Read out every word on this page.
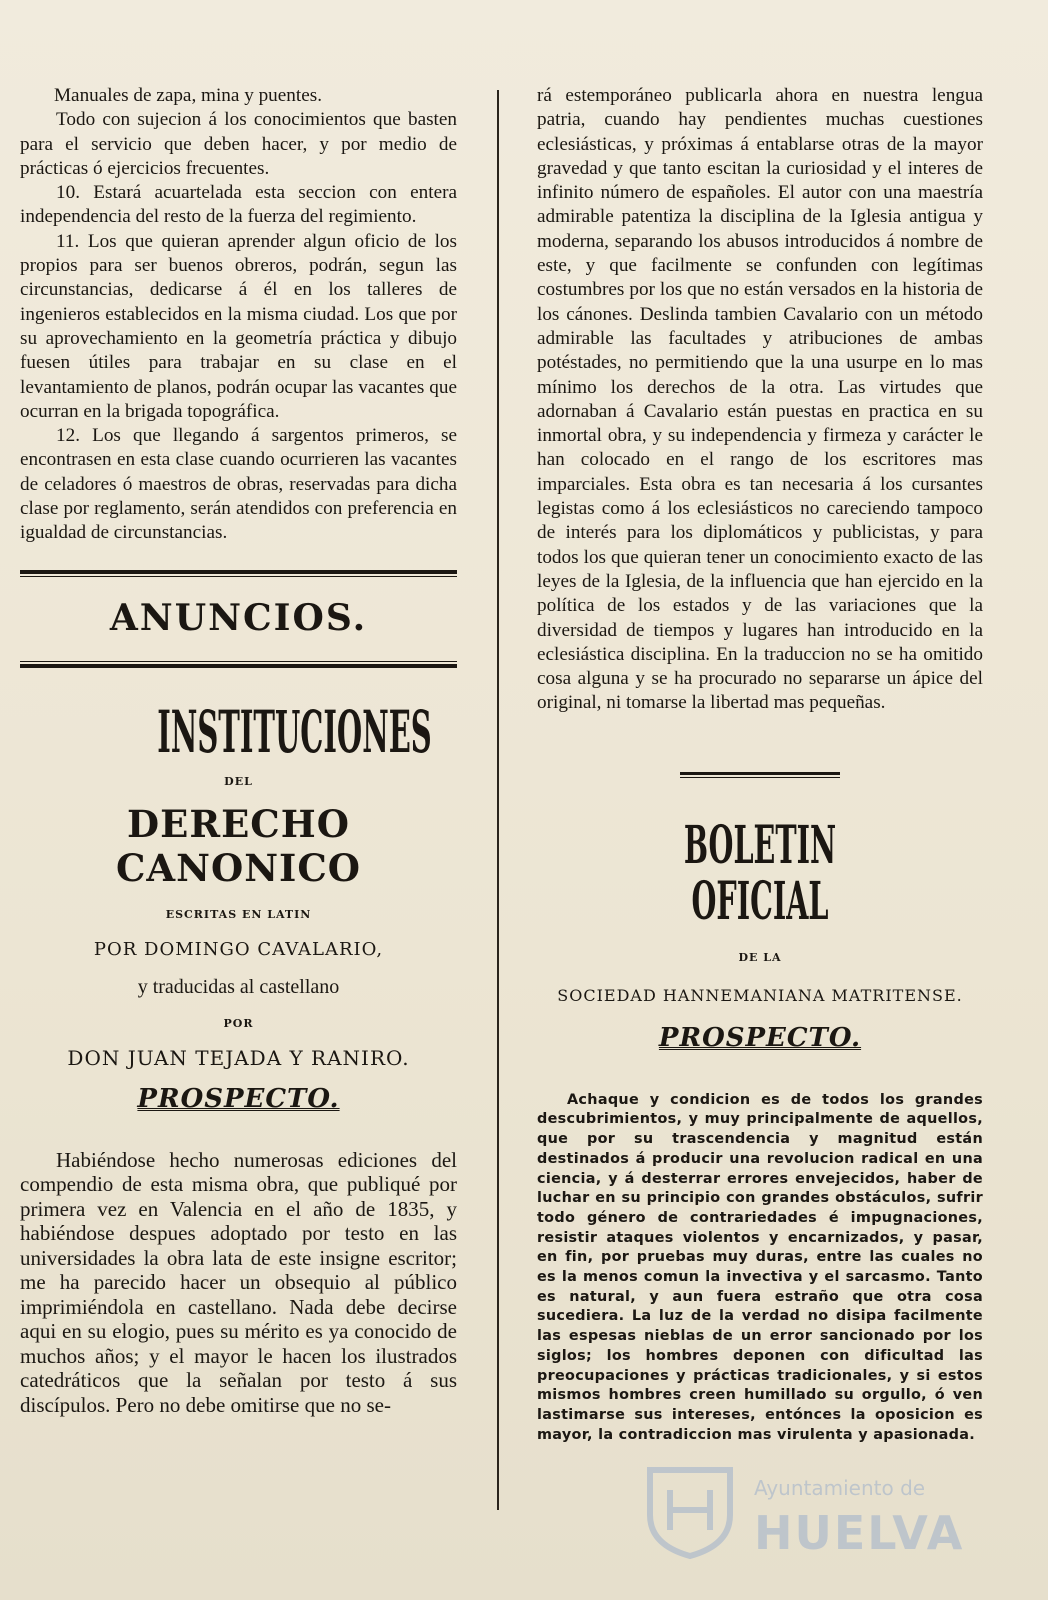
Manuales de zapa, mina y puentes.

Todo con sujecion á los conocimientos que basten para el servicio que deben hacer, y por medio de prácticas ó ejercicios frecuentes.

10. Estará acuartelada esta seccion con entera independencia del resto de la fuerza del regimiento.

11. Los que quieran aprender algun oficio de los propios para ser buenos obreros, podrán, segun las circunstancias, dedicarse á él en los talleres de ingenieros establecidos en la misma ciudad. Los que por su aprovechamiento en la geometría práctica y dibujo fuesen útiles para trabajar en su clase en el levantamiento de planos, podrán ocupar las vacantes que ocurran en la brigada topográfica.

12. Los que llegando á sargentos primeros, se encontrasen en esta clase cuando ocurrieren las vacantes de celadores ó maestros de obras, reservadas para dicha clase por reglamento, serán atendidos con preferencia en igualdad de circunstancias.

ANUNCIOS.

INSTITUCIONES

DEL

DERECHO CANONICO

ESCRITAS EN LATIN

POR DOMINGO CAVALARIO,

y traducidas al castellano

POR

DON JUAN TEJADA Y RANIRO.

PROSPECTO.

Habiéndose hecho numerosas ediciones del compendio de esta misma obra, que publiqué por primera vez en Valencia en el año de 1835, y habiéndose despues adoptado por testo en las universidades la obra lata de este insigne escritor; me ha parecido hacer un obsequio al público imprimiéndola en castellano. Nada debe decirse aqui en su elogio, pues su mérito es ya conocido de muchos años; y el mayor le hacen los ilustrados catedráticos que la señalan por testo á sus discípulos. Pero no debe omitirse que no se-

rá estemporáneo publicarla ahora en nuestra lengua patria, cuando hay pendientes muchas cuestiones eclesiásticas, y próximas á entablarse otras de la mayor gravedad y que tanto escitan la curiosidad y el interes de infinito número de españoles. El autor con una maestría admirable patentiza la disciplina de la Iglesia antigua y moderna, separando los abusos introducidos á nombre de este, y que facilmente se confunden con legítimas costumbres por los que no están versados en la historia de los cánones. Deslinda tambien Cavalario con un método admirable las facultades y atribuciones de ambas potéstades, no permitiendo que la una usurpe en lo mas mínimo los derechos de la otra. Las virtudes que adornaban á Cavalario están puestas en practica en su inmortal obra, y su independencia y firmeza y carácter le han colocado en el rango de los escritores mas imparciales. Esta obra es tan necesaria á los cursantes legistas como á los eclesiásticos no careciendo tampoco de interés para los diplomáticos y publicistas, y para todos los que quieran tener un conocimiento exacto de las leyes de la Iglesia, de la influencia que han ejercido en la política de los estados y de las variaciones que la diversidad de tiempos y lugares han introducido en la eclesiástica disciplina. En la traduccion no se ha omitido cosa alguna y se ha procurado no separarse un ápice del original, ni tomarse la libertad mas pequeñas.

BOLETIN OFICIAL

DE LA

SOCIEDAD HANNEMANIANA MATRITENSE.

PROSPECTO.

Achaque y condicion es de todos los grandes descubrimientos, y muy principalmente de aquellos, que por su trascendencia y magnitud están destinados á producir una revolucion radical en una ciencia, y á desterrar errores envejecidos, haber de luchar en su principio con grandes obstáculos, sufrir todo género de contrariedades é impugnaciones, resistir ataques violentos y encarnizados, y pasar, en fin, por pruebas muy duras, entre las cuales no es la menos comun la invectiva y el sarcasmo. Tanto es natural, y aun fuera estraño que otra cosa sucediera. La luz de la verdad no disipa facilmente las espesas nieblas de un error sancionado por los siglos; los hombres deponen con dificultad las preocupaciones y prácticas tradicionales, y si estos mismos hombres creen humillado su orgullo, ó ven lastimarse sus intereses, entónces la oposicion es mayor, la contradiccion mas virulenta y apasionada.

Ayuntamiento de
HUELVA
